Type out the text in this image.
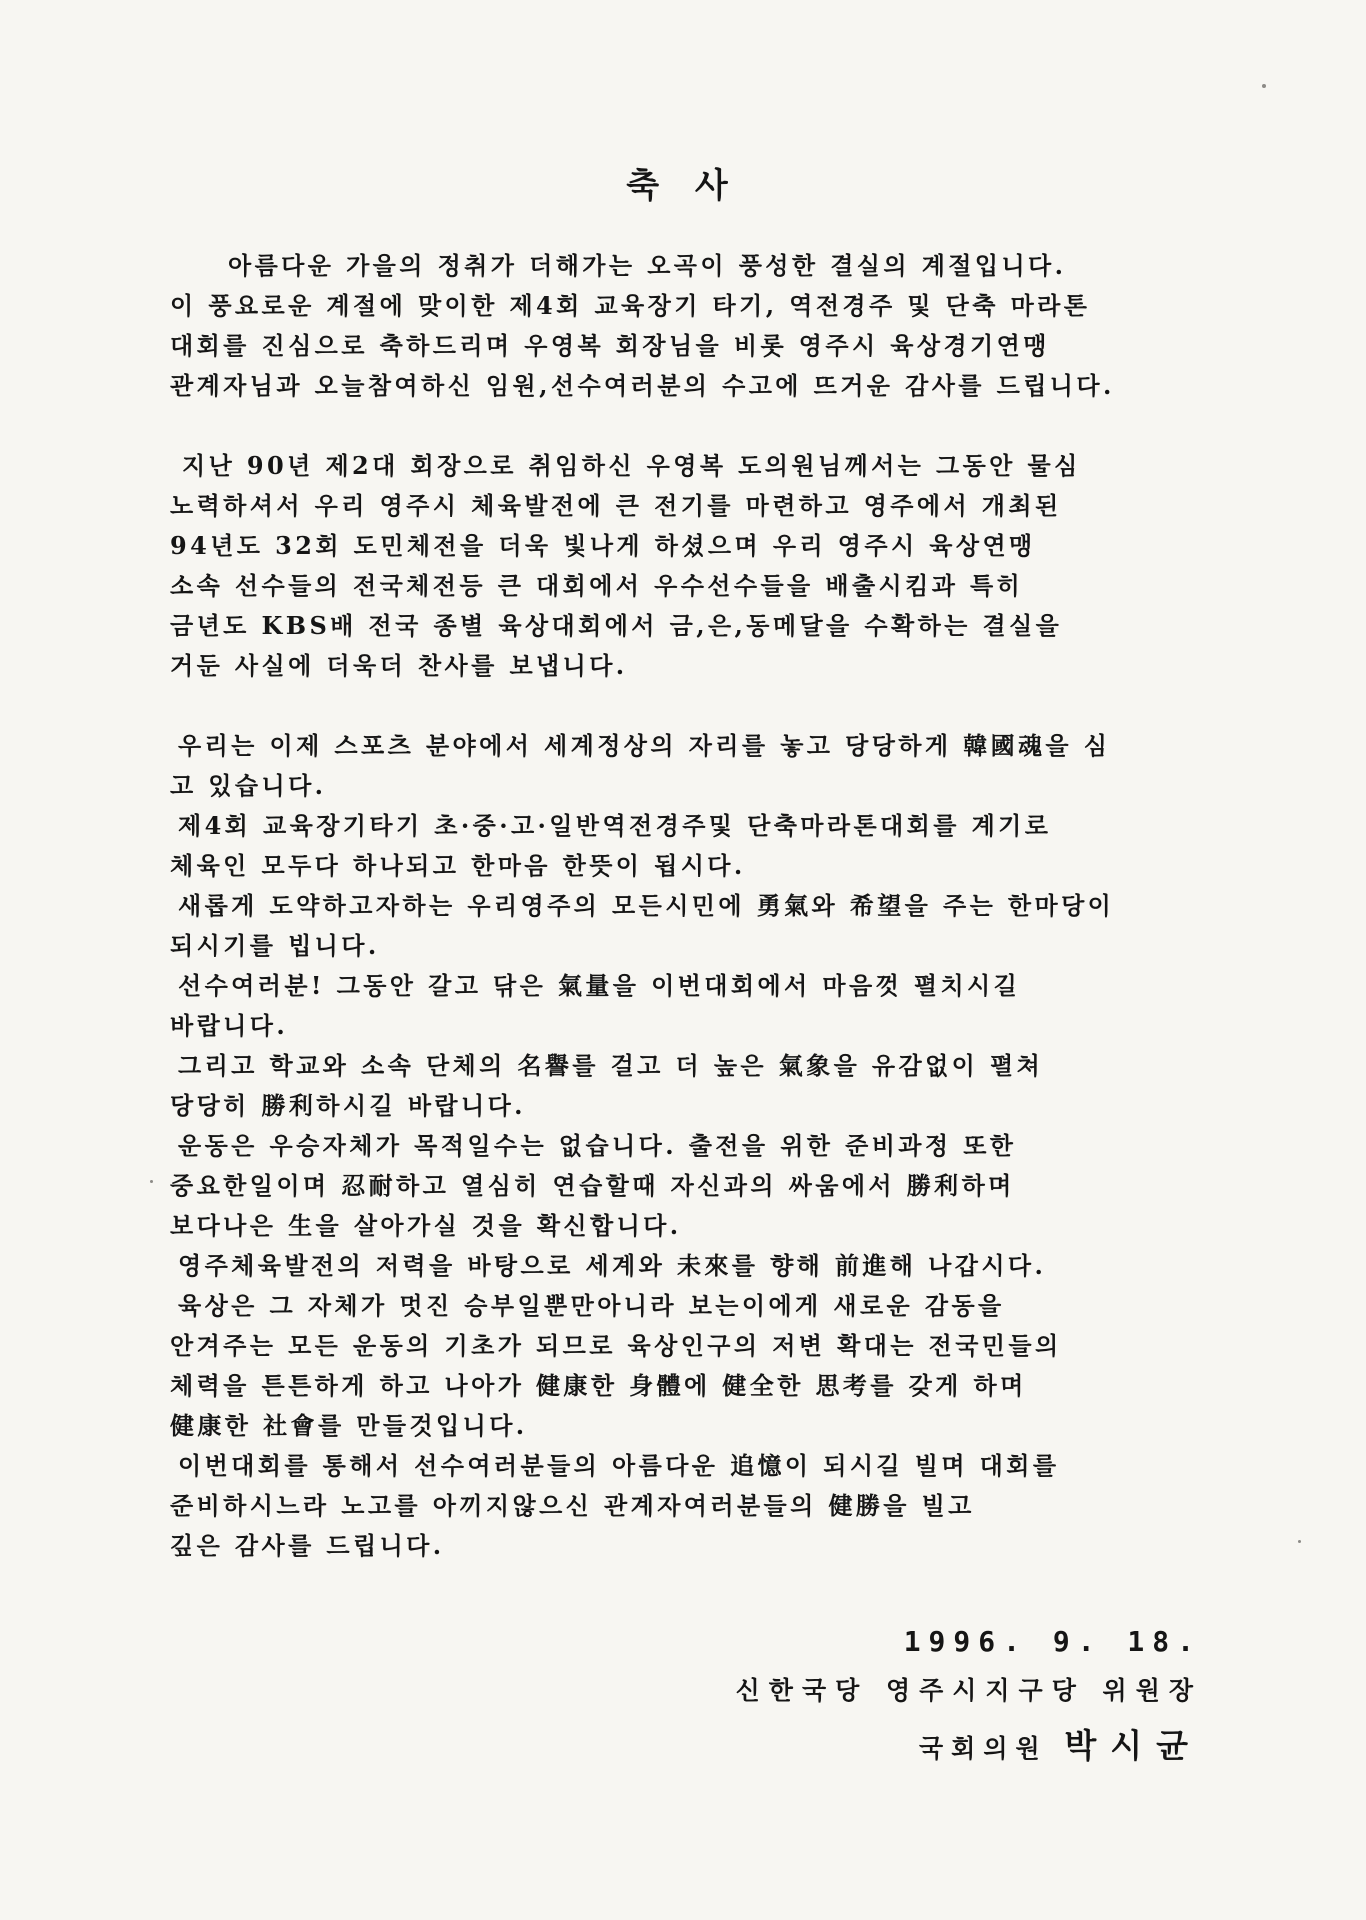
축 사
아름다운 가을의 정취가 더해가는 오곡이 풍성한 결실의 계절입니다.
이 풍요로운 계절에 맞이한 제4회 교육장기 타기, 역전경주 및 단축 마라톤
대회를 진심으로 축하드리며 우영복 회장님을 비롯 영주시 육상경기연맹
관계자님과 오늘참여하신 임원,선수여러분의 수고에 뜨거운 감사를 드립니다.
지난 90년 제2대 회장으로 취임하신 우영복 도의원님께서는 그동안 물심
노력하셔서 우리 영주시 체육발전에 큰 전기를 마련하고 영주에서 개최된
94년도 32회 도민체전을 더욱 빛나게 하셨으며 우리 영주시 육상연맹
소속 선수들의 전국체전등 큰 대회에서 우수선수들을 배출시킴과 특히
금년도 KBS배 전국 종별 육상대회에서 금,은,동메달을 수확하는 결실을
거둔 사실에 더욱더 찬사를 보냅니다.
우리는 이제 스포츠 분야에서 세계정상의 자리를 놓고 당당하게 韓國魂을 심
고 있습니다.
제4회 교육장기타기 초·중·고·일반역전경주및 단축마라톤대회를 계기로
체육인 모두다 하나되고 한마음 한뜻이 됩시다.
새롭게 도약하고자하는 우리영주의 모든시민에 勇氣와 希望을 주는 한마당이
되시기를 빕니다.
선수여러분! 그동안 갈고 닦은 氣量을 이번대회에서 마음껏 펼치시길
바랍니다.
그리고 학교와 소속 단체의 名譽를 걸고 더 높은 氣象을 유감없이 펼쳐
당당히 勝利하시길 바랍니다.
운동은 우승자체가 목적일수는 없습니다. 출전을 위한 준비과정 또한
중요한일이며 忍耐하고 열심히 연습할때 자신과의 싸움에서 勝利하며
보다나은 生을 살아가실 것을 확신합니다.
영주체육발전의 저력을 바탕으로 세계와 未來를 향해 前進해 나갑시다.
육상은 그 자체가 멋진 승부일뿐만아니라 보는이에게 새로운 감동을
안겨주는 모든 운동의 기초가 되므로 육상인구의 저변 확대는 전국민들의
체력을 튼튼하게 하고 나아가 健康한 身體에 健全한 思考를 갖게 하며
健康한 社會를 만들것입니다.
이번대회를 통해서 선수여러분들의 아름다운 追憶이 되시길 빌며 대회를
준비하시느라 노고를 아끼지않으신 관계자여러분들의 健勝을 빌고
깊은 감사를 드립니다.
1996. 9. 18.
신한국당 영주시지구당 위원장
국회의원 박시균
